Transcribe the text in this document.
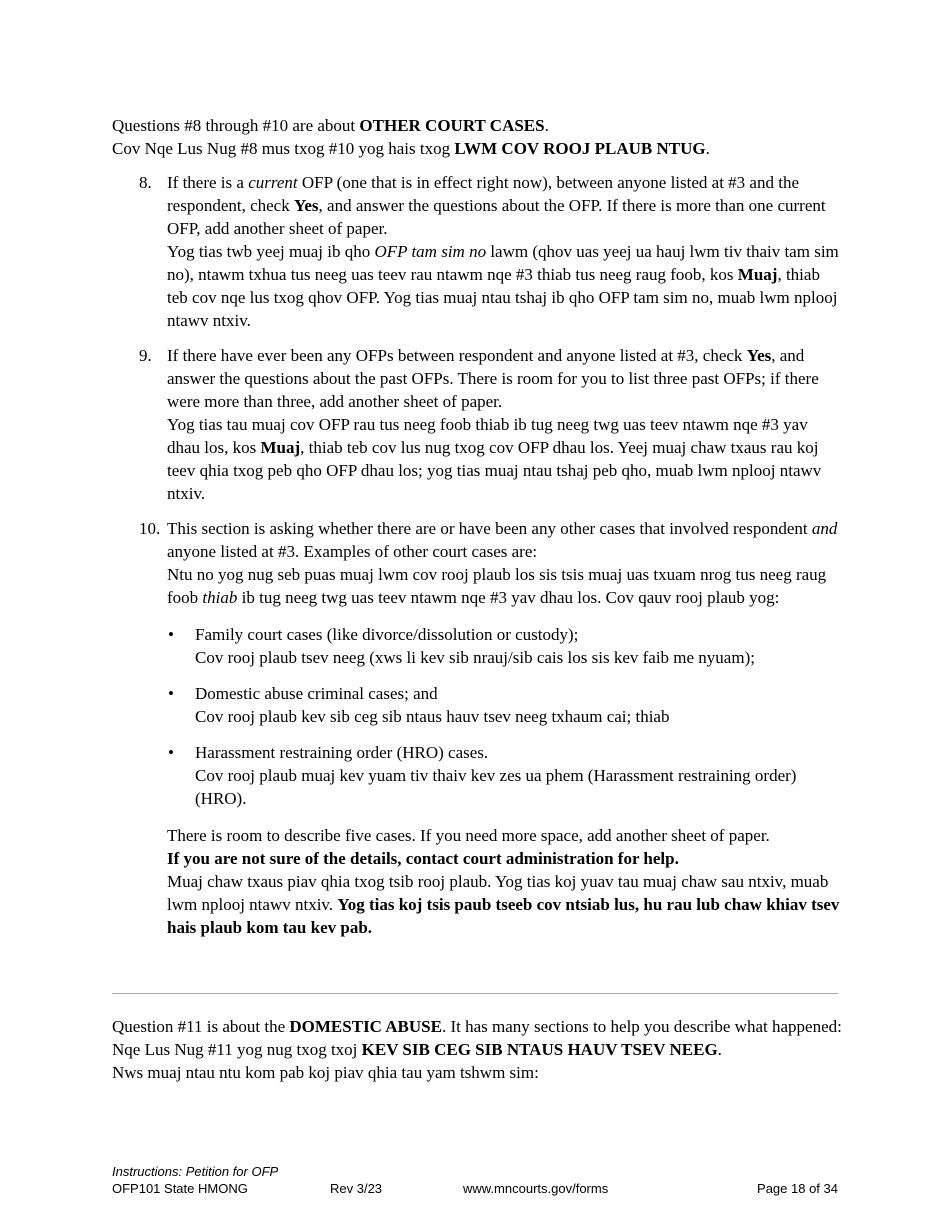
Questions #8 through #10 are about OTHER COURT CASES.

Cov Nqe Lus Nug #8 mus txog #10 yog hais txog LWM COV ROOJ PLAUB NTUG.

8. If there is a current OFP (one that is in effect right now), between anyone listed at #3 and the respondent, check Yes, and answer the questions about the OFP. If there is more than one current OFP, add another sheet of paper.

Yog tias twb yeej muaj ib qho OFP tam sim no lawm (qhov uas yeej ua hauj lwm tiv thaiv tam sim no), ntawm txhua tus neeg uas teev rau ntawm nqe #3 thiab tus neeg raug foob, kos Muaj, thiab teb cov nqe lus txog qhov OFP. Yog tias muaj ntau tshaj ib qho OFP tam sim no, muab lwm nplooj ntawv ntxiv.

9. If there have ever been any OFPs between respondent and anyone listed at #3, check Yes, and answer the questions about the past OFPs. There is room for you to list three past OFPs; if there were more than three, add another sheet of paper.

Yog tias tau muaj cov OFP rau tus neeg foob thiab ib tug neeg twg uas teev ntawm nqe #3 yav dhau los, kos Muaj, thiab teb cov lus nug txog cov OFP dhau los. Yeej muaj chaw txaus rau koj teev qhia txog peb qho OFP dhau los; yog tias muaj ntau tshaj peb qho, muab lwm nplooj ntawv ntxiv.

10. This section is asking whether there are or have been any other cases that involved respondent and anyone listed at #3. Examples of other court cases are:

Ntu no yog nug seb puas muaj lwm cov rooj plaub los sis tsis muaj uas txuam nrog tus neeg raug foob thiab ib tug neeg twg uas teev ntawm nqe #3 yav dhau los. Cov qauv rooj plaub yog:

• Family court cases (like divorce/dissolution or custody);

Cov rooj plaub tsev neeg (xws li kev sib nrauj/sib cais los sis kev faib me nyuam);

• Domestic abuse criminal cases; and

Cov rooj plaub kev sib ceg sib ntaus hauv tsev neeg txhaum cai; thiab

• Harassment restraining order (HRO) cases.

Cov rooj plaub muaj kev yuam tiv thaiv kev zes ua phem (Harassment restraining order) (HRO).

There is room to describe five cases. If you need more space, add another sheet of paper.

If you are not sure of the details, contact court administration for help.

Muaj chaw txaus piav qhia txog tsib rooj plaub. Yog tias koj yuav tau muaj chaw sau ntxiv, muab lwm nplooj ntawv ntxiv. Yog tias koj tsis paub tseeb cov ntsiab lus, hu rau lub chaw khiav tsev hais plaub kom tau kev pab.

Question #11 is about the DOMESTIC ABUSE. It has many sections to help you describe what happened:

Nqe Lus Nug #11 yog nug txog txoj KEV SIB CEG SIB NTAUS HAUV TSEV NEEG.

Nws muaj ntau ntu kom pab koj piav qhia tau yam tshwm sim:

Instructions: Petition for OFP
OFP101 State HMONG	Rev 3/23	www.mncourts.gov/forms	Page 18 of 34
